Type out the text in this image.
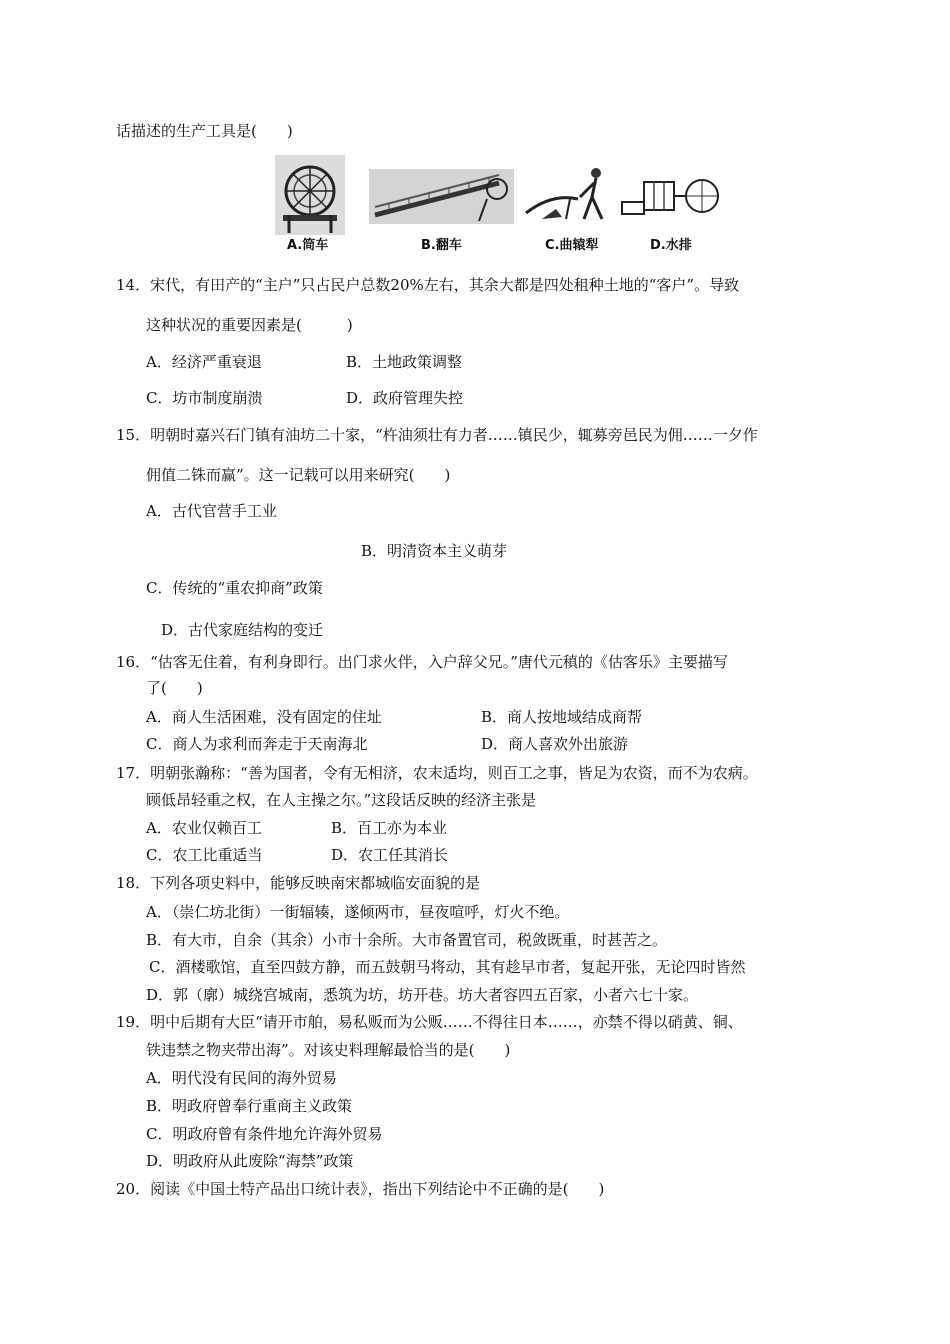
话描述的生产工具是(　　)
A.筒车	B.翻车	C.曲辕犁	D.水排
14．宋代，有田产的“主户”只占民户总数20%左右，其余大都是四处租种土地的“客户”。导致
这种状况的重要因素是(　　　)
A．经济严重衰退	B．土地政策调整
C．坊市制度崩溃	D．政府管理失控
15．明朝时嘉兴石门镇有油坊二十家，“杵油须壮有力者……镇民少，辄募旁邑民为佣……一夕作
佣值二铢而赢”。这一记载可以用来研究(　　)
A．古代官营手工业
B．明清资本主义萌芽
C．传统的“重农抑商”政策
D．古代家庭结构的变迁
16．“估客无住着，有利身即行。出门求火伴，入户辞父兄。”唐代元稹的《估客乐》主要描写
了(　　)
A．商人生活困难，没有固定的住址	B．商人按地域结成商帮
C．商人为求利而奔走于天南海北	D．商人喜欢外出旅游
17．明朝张瀚称：“善为国者，令有无相济，农末适均，则百工之事，皆足为农资，而不为农病。
顾低昂轻重之权，在人主操之尔。”这段话反映的经济主张是
A．农业仅赖百工	B．百工亦为本业
C．农工比重适当	D．农工任其消长
18．下列各项史料中，能够反映南宋都城临安面貌的是
A．（崇仁坊北街）一街辐辏，遂倾两市，昼夜喧呼，灯火不绝。
B．有大市，自余（其余）小市十余所。大市备置官司，税敛既重，时甚苦之。
C．酒楼歌馆，直至四鼓方静，而五鼓朝马将动，其有趁早市者，复起开张，无论四时皆然
D．郭（廓）城绕宫城南，悉筑为坊，坊开巷。坊大者容四五百家，小者六七十家。
19．明中后期有大臣“请开市舶，易私贩而为公贩……不得往日本……，亦禁不得以硝黄、铜、
铁违禁之物夹带出海”。对该史料理解最恰当的是(　　)
A．明代没有民间的海外贸易
B．明政府曾奉行重商主义政策
C．明政府曾有条件地允许海外贸易
D．明政府从此废除“海禁”政策
20．阅读《中国土特产品出口统计表》，指出下列结论中不正确的是(　　)
